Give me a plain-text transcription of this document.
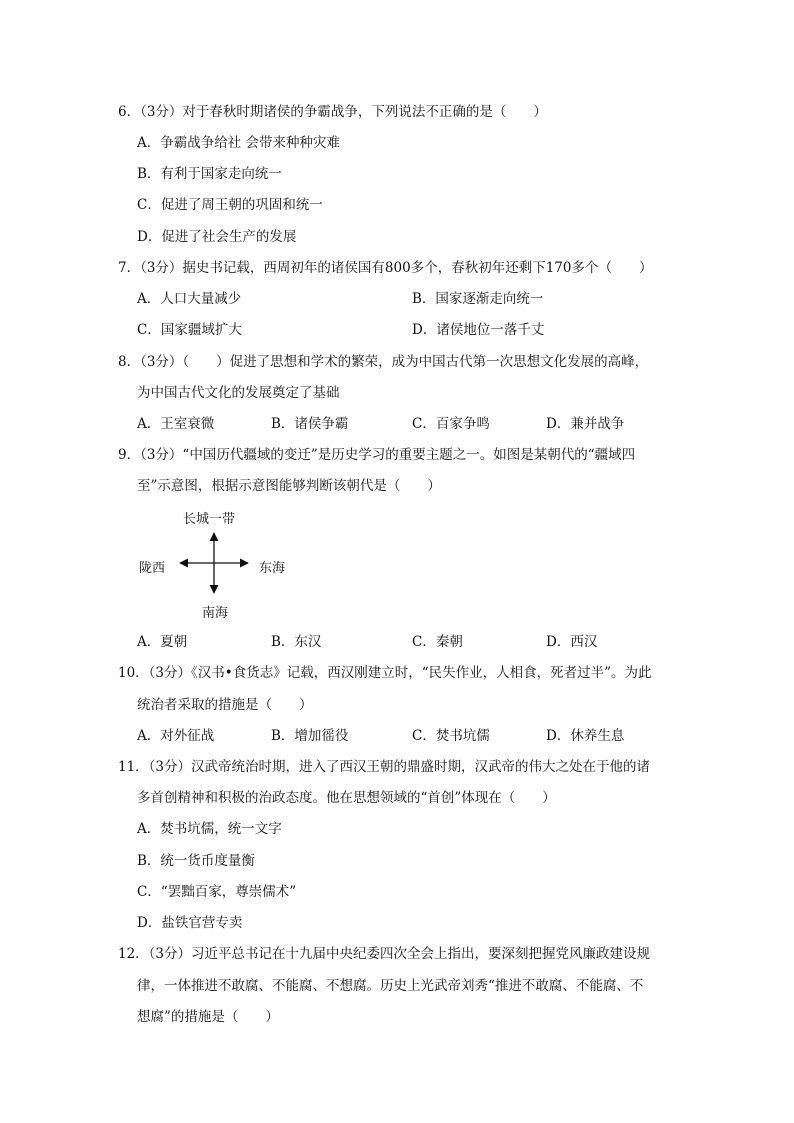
6．（3分）对于春秋时期诸侯的争霸战争，下列说法不正确的是（　　）
A．争霸战争给社 会带来种种灾难
B．有利于国家走向统一
C．促进了周王朝的巩固和统一
D．促进了社会生产的发展
7．（3分）据史书记载，西周初年的诸侯国有800多个，春秋初年还剩下170多个（　　）
A．人口大量减少	B．国家逐渐走向统一
C．国家疆域扩大	D．诸侯地位一落千丈
8．（3分）（　　）促进了思想和学术的繁荣，成为中国古代第一次思想文化发展的高峰，
为中国古代文化的发展奠定了基础
A．王室衰微	B．诸侯争霸	C．百家争鸣	D．兼并战争
9．（3分）“中国历代疆域的变迁”是历史学习的重要主题之一。如图是某朝代的“疆域四
至”示意图，根据示意图能够判断该朝代是（　　）
长城一带
陇西	东海
南海
A．夏朝	B．东汉	C．秦朝	D．西汉
10．（3分）《汉书•食货志》记载，西汉刚建立时，“民失作业，人相食，死者过半”。为此
统治者采取的措施是（　　）
A．对外征战	B．增加徭役	C．焚书坑儒	D．休养生息
11．（3分）汉武帝统治时期，进入了西汉王朝的鼎盛时期，汉武帝的伟大之处在于他的诸
多首创精神和积极的治政态度。他在思想领域的“首创”体现在（　　）
A．焚书坑儒，统一文字
B．统一货币度量衡
C．“罢黜百家，尊崇儒术”
D．盐铁官营专卖
12．（3分）习近平总书记在十九届中央纪委四次全会上指出，要深刻把握党风廉政建设规
律，一体推进不敢腐、不能腐、不想腐。历史上光武帝刘秀“推进不敢腐、不能腐、不
想腐”的措施是（　　）
